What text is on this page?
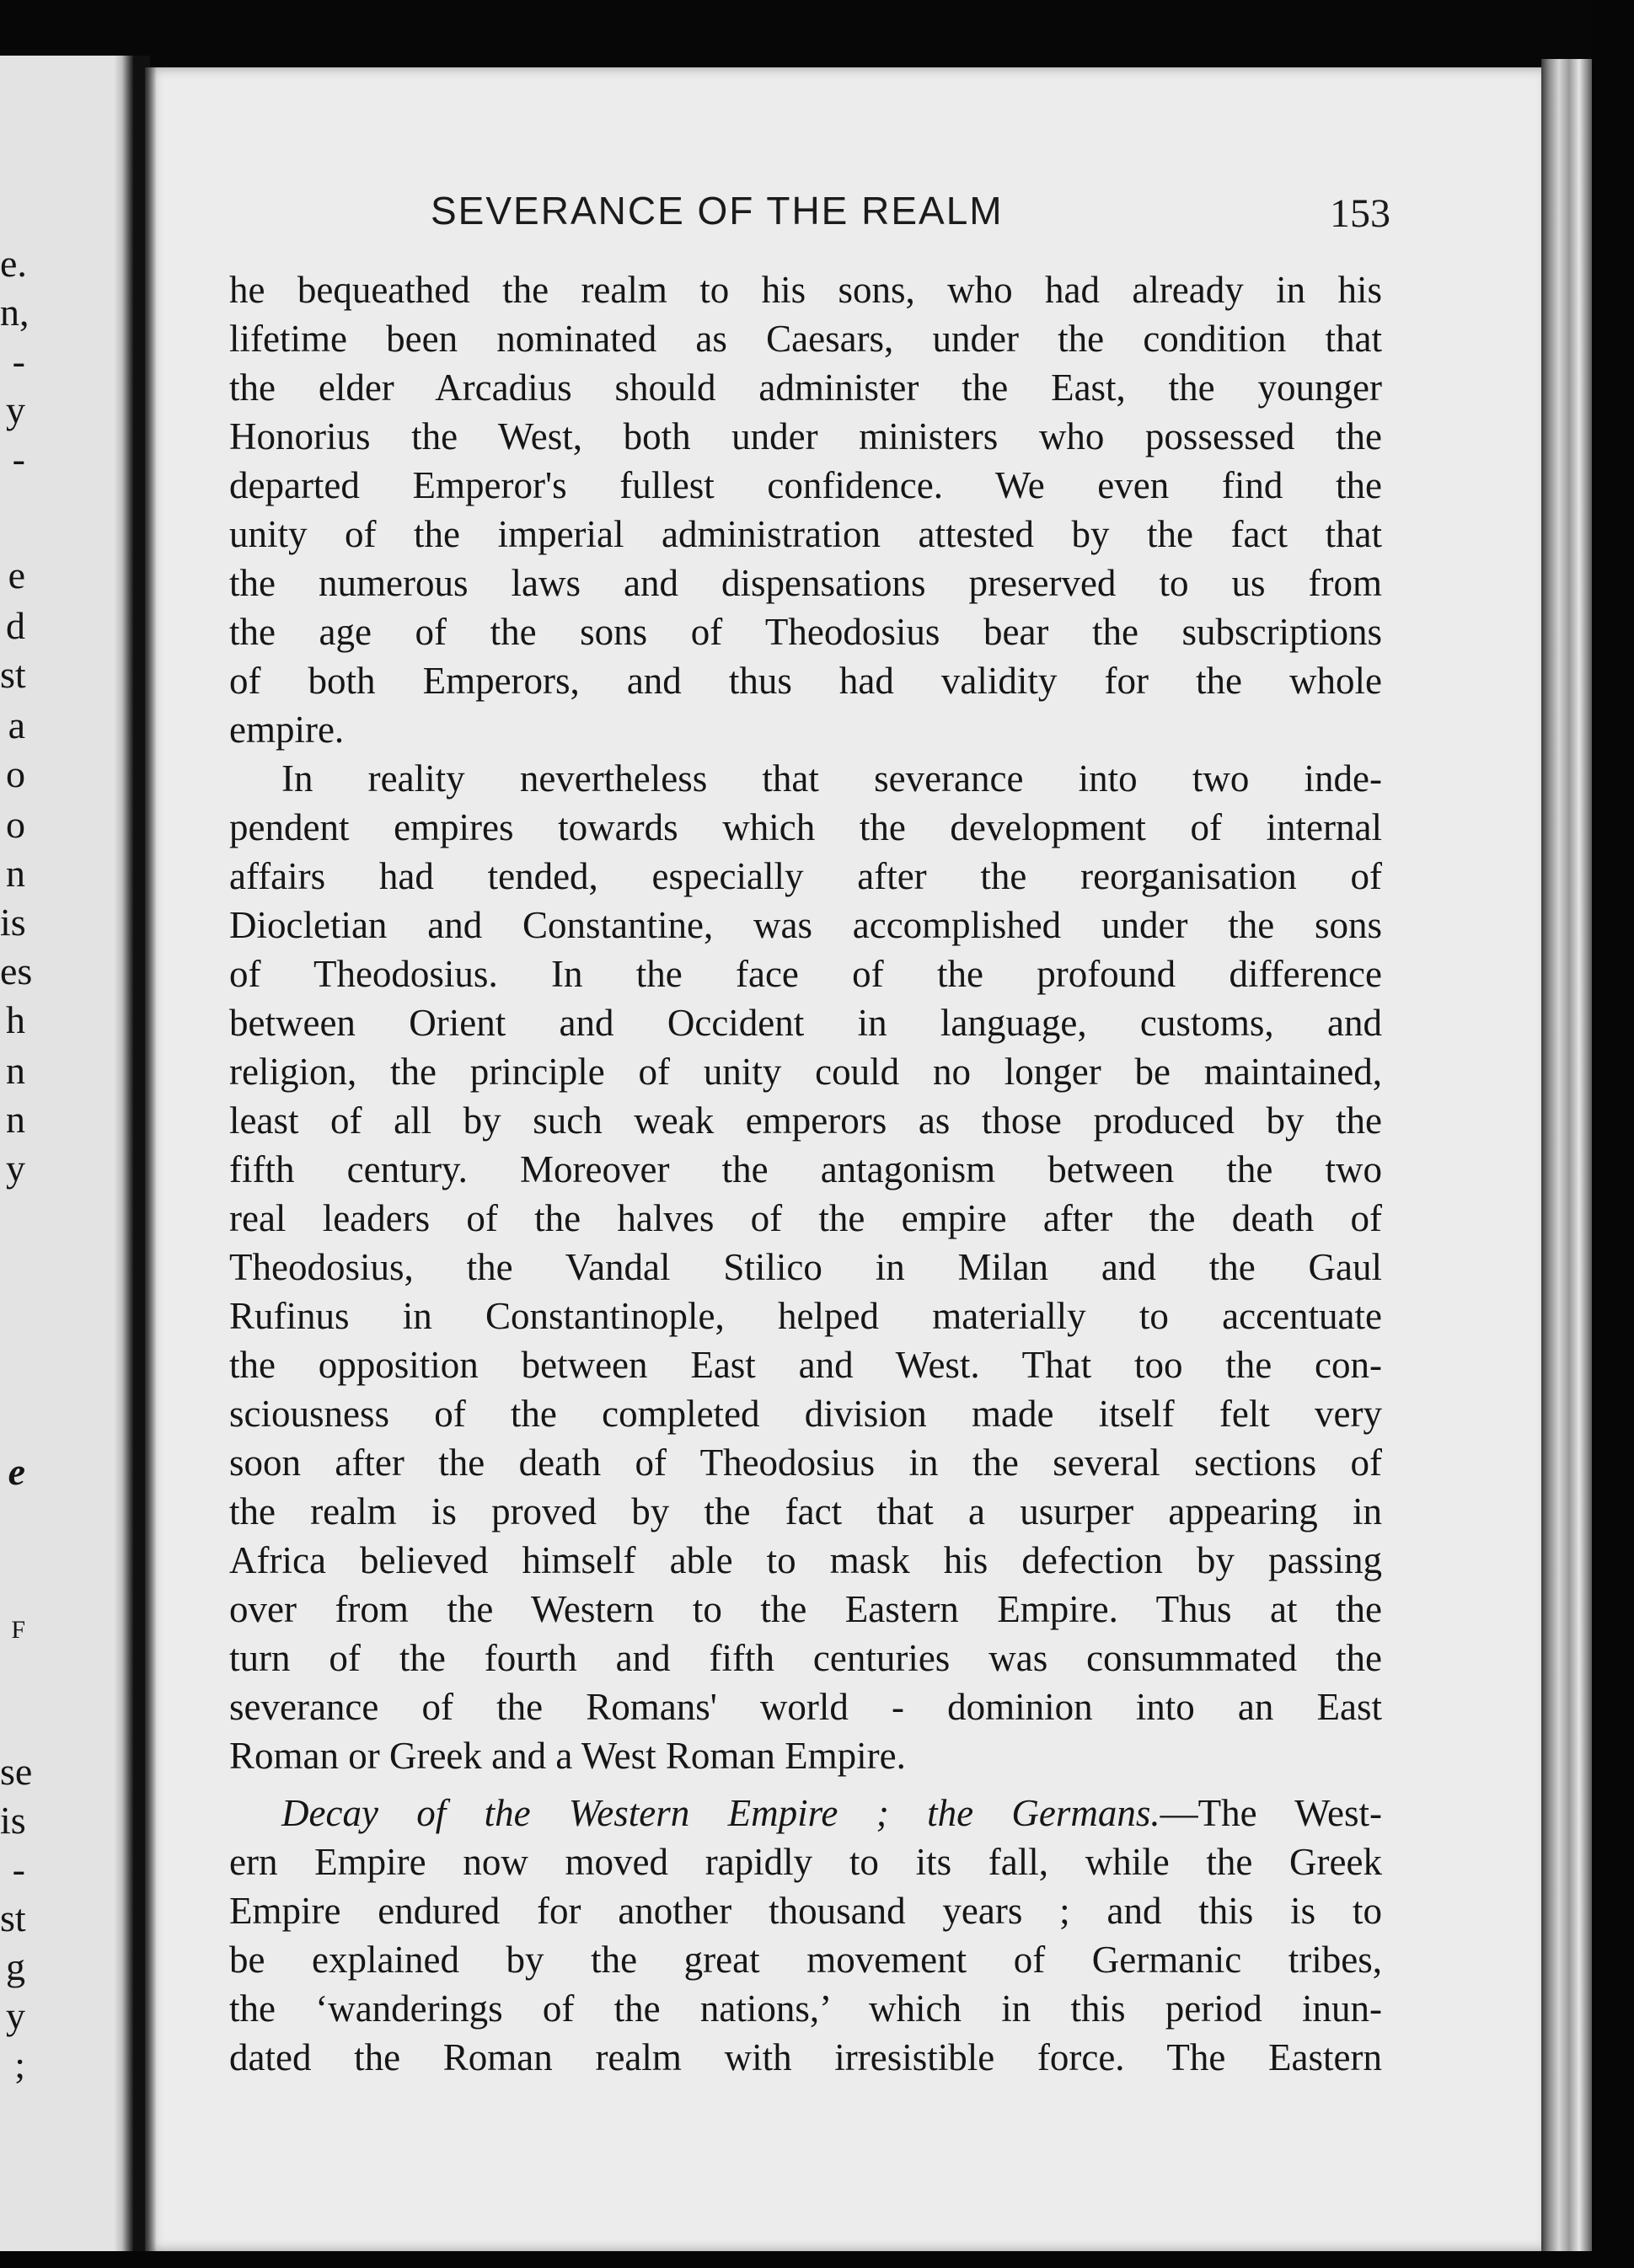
e.
n,
-
y
-
e
d
st
a
o
o
n
is
es
h
n
n
y
e
F
se
is
-
st
g
y
;
SEVERANCE OF THE REALM	153
he bequeathed the realm to his sons, who had already in his
lifetime been nominated as Caesars, under the condition that
the elder Arcadius should administer the East, the younger
Honorius the West, both under ministers who possessed the
departed Emperor's fullest confidence. We even find the
unity of the imperial administration attested by the fact that
the numerous laws and dispensations preserved to us from
the age of the sons of Theodosius bear the subscriptions
of both Emperors, and thus had validity for the whole
empire.
In reality nevertheless that severance into two inde-
pendent empires towards which the development of internal
affairs had tended, especially after the reorganisation of
Diocletian and Constantine, was accomplished under the sons
of Theodosius. In the face of the profound difference
between Orient and Occident in language, customs, and
religion, the principle of unity could no longer be maintained,
least of all by such weak emperors as those produced by the
fifth century. Moreover the antagonism between the two
real leaders of the halves of the empire after the death of
Theodosius, the Vandal Stilico in Milan and the Gaul
Rufinus in Constantinople, helped materially to accentuate
the opposition between East and West. That too the con-
sciousness of the completed division made itself felt very
soon after the death of Theodosius in the several sections of
the realm is proved by the fact that a usurper appearing in
Africa believed himself able to mask his defection by passing
over from the Western to the Eastern Empire. Thus at the
turn of the fourth and fifth centuries was consummated the
severance of the Romans' world - dominion into an East
Roman or Greek and a West Roman Empire.
Decay of the Western Empire ; the Germans.—The West-
ern Empire now moved rapidly to its fall, while the Greek
Empire endured for another thousand years ; and this is to
be explained by the great movement of Germanic tribes,
the ‘wanderings of the nations,’ which in this period inun-
dated the Roman realm with irresistible force. The Eastern
